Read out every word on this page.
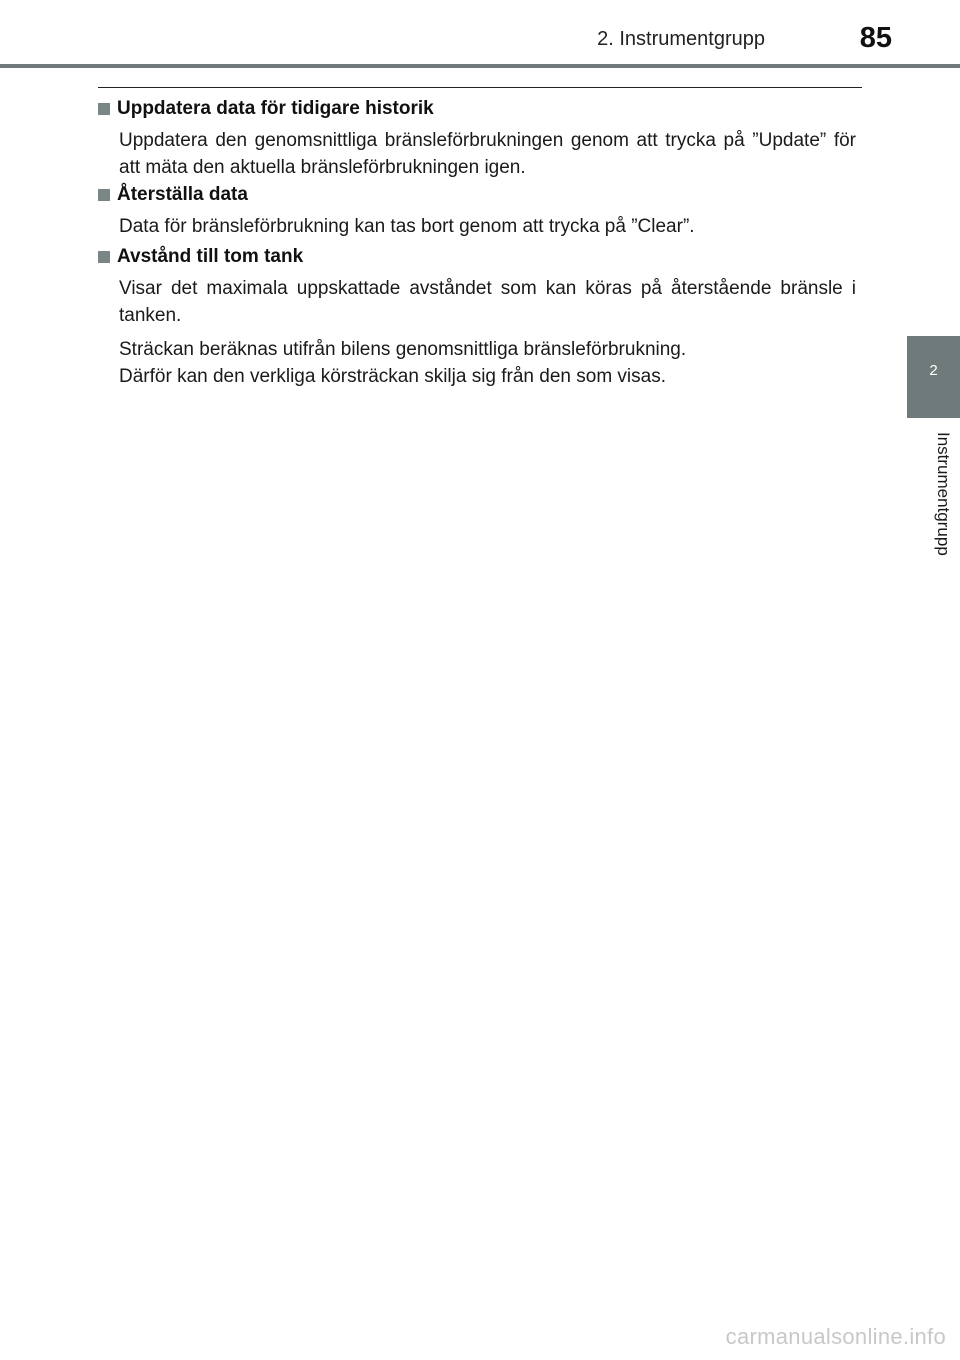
2. Instrumentgrupp	85
Uppdatera data för tidigare historik

Uppdatera den genomsnittliga bränsleförbrukningen genom att trycka på ”Update” för att mäta den aktuella bränsleförbrukningen igen.

Återställa data

Data för bränsleförbrukning kan tas bort genom att trycka på ”Clear”.

Avstånd till tom tank

Visar det maximala uppskattade avståndet som kan köras på återstående bränsle i tanken.

Sträckan beräknas utifrån bilens genomsnittliga bränsleförbrukning.
Därför kan den verkliga körsträckan skilja sig från den som visas.	2
Instrumentgrupp
carmanualsonline.info
